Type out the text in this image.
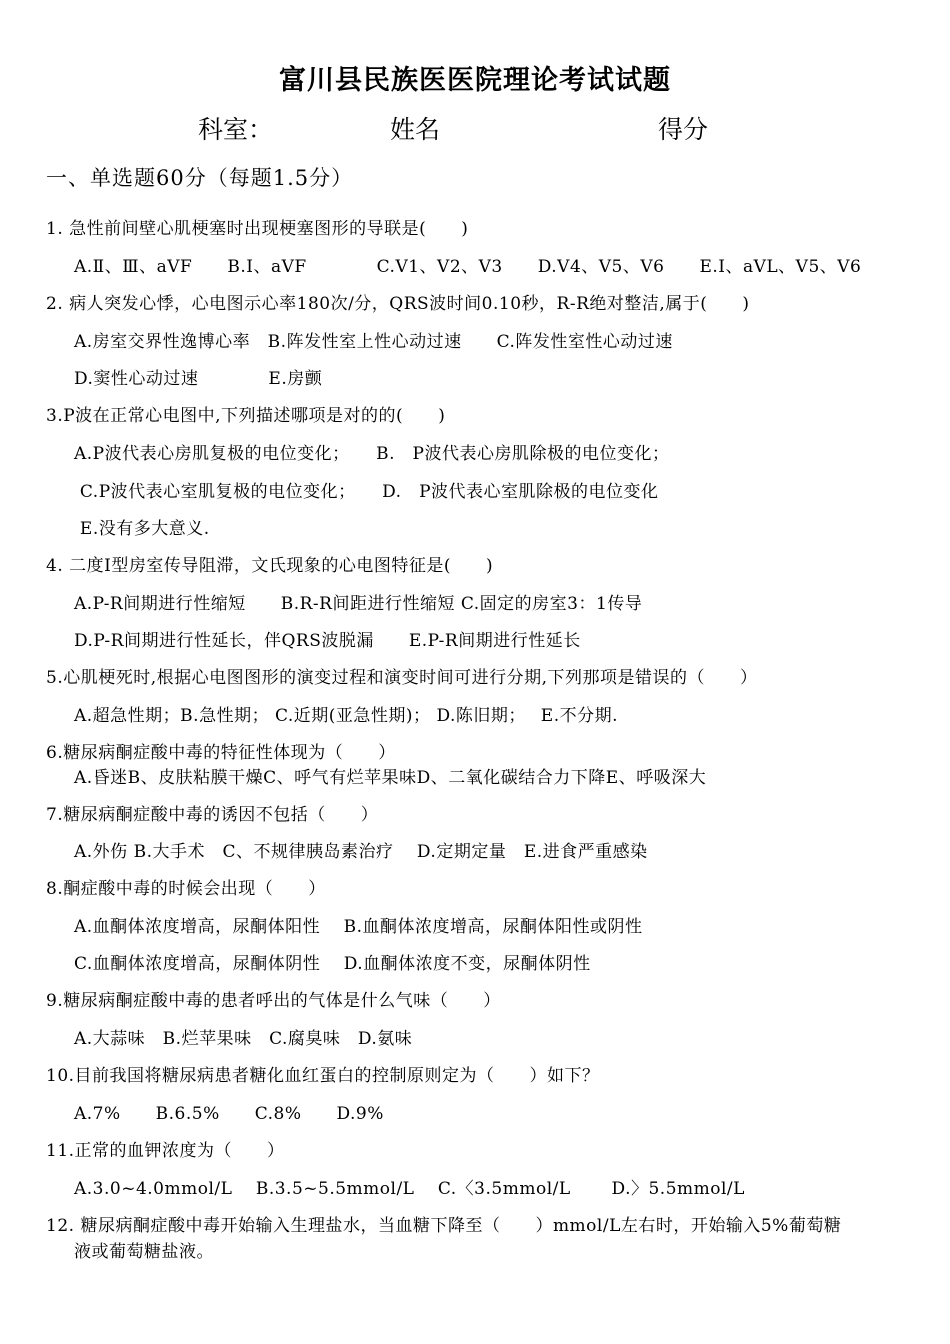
富川县民族医医院理论考试试题
科室：	姓名	得分
一、单选题60分（每题1.5分）
1. 急性前间壁心肌梗塞时出现梗塞图形的导联是(　　)
A.Ⅱ、Ⅲ、aVF　　B.Ⅰ、aVF　　　　C.V1、V2、V3　　D.V4、V5、V6　　E.Ⅰ、aVL、V5、V6
2. 病人突发心悸，心电图示心率180次/分，QRS波时间0.10秒，R-R绝对整洁,属于(　　)
A.房室交界性逸博心率　B.阵发性室上性心动过速　　C.阵发性室性心动过速
D.窦性心动过速　　　　E.房颤
3.P波在正常心电图中,下列描述哪项是对的的(　　)
A.P波代表心房肌复极的电位变化；　　B.　P波代表心房肌除极的电位变化；
C.P波代表心室肌复极的电位变化；　　D.　P波代表心室肌除极的电位变化
E.没有多大意义.
4. 二度Ⅰ型房室传导阻滞，文氏现象的心电图特征是(　　)
A.P-R间期进行性缩短　　B.R-R间距进行性缩短 C.固定的房室3：1传导
D.P-R间期进行性延长，伴QRS波脱漏　　E.P-R间期进行性延长
5.心肌梗死时,根据心电图图形的演变过程和演变时间可进行分期,下列那项是错误的（　　）
A.超急性期；B.急性期； C.近期(亚急性期)； D.陈旧期；　 E.不分期.
6.糖尿病酮症酸中毒的特征性体现为（　　）
A.昏迷B、皮肤粘膜干燥C、呼气有烂苹果味D、二氧化碳结合力下降E、呼吸深大
7.糖尿病酮症酸中毒的诱因不包括（　　）
A.外伤 B.大手术　C、不规律胰岛素治疗　 D.定期定量　E.进食严重感染
8.酮症酸中毒的时候会出现（　　）
A.血酮体浓度增高，尿酮体阳性　 B.血酮体浓度增高，尿酮体阳性或阴性
C.血酮体浓度增高，尿酮体阴性　 D.血酮体浓度不变，尿酮体阴性
9.糖尿病酮症酸中毒的患者呼出的气体是什么气味（　　）
A.大蒜味　B.烂苹果味　C.腐臭味　D.氨味
10.目前我国将糖尿病患者糖化血红蛋白的控制原则定为（　　）如下？
A.7%　　B.6.5%　　C.8%　　D.9%
11.正常的血钾浓度为（　　）
A.3.0~4.0mmol/L　 B.3.5~5.5mmol/L　 C.〈3.5mmol/L　　 D.〉5.5mmol/L
12. 糖尿病酮症酸中毒开始输入生理盐水，当血糖下降至（　　）mmol/L左右时，开始输入5%葡萄糖
液或葡萄糖盐液。
